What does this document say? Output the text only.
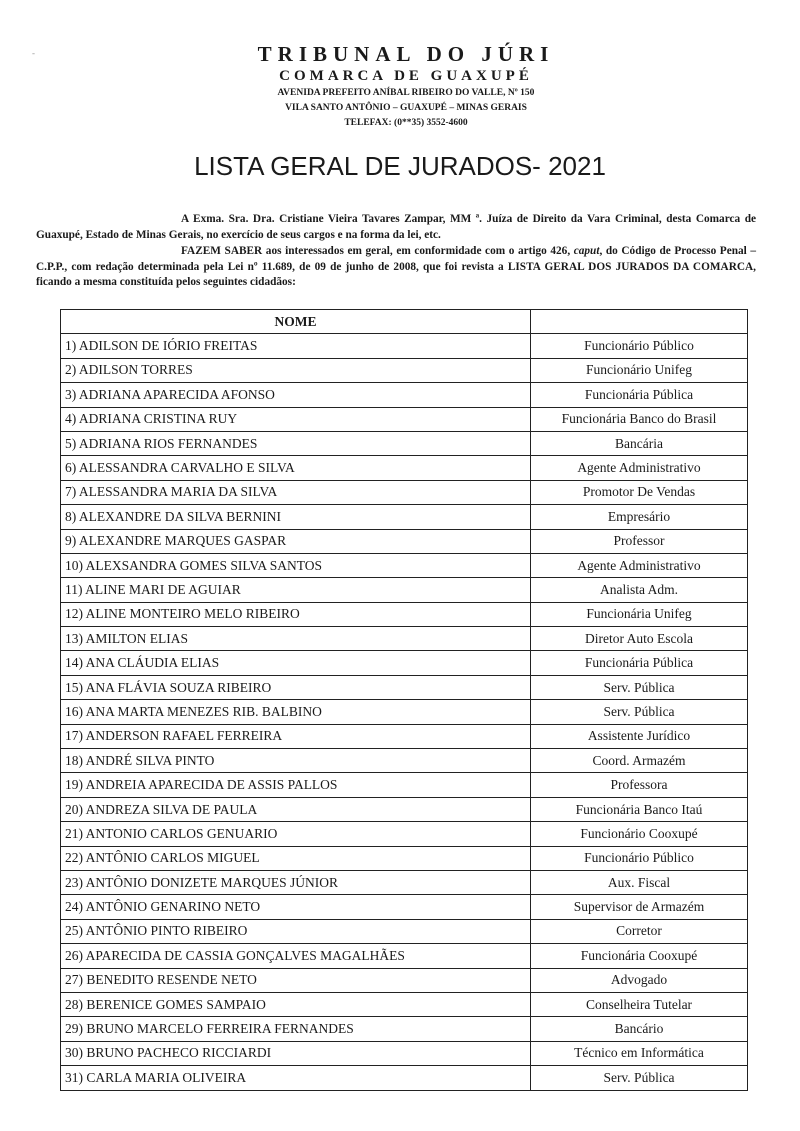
-	TRIBUNAL DO JÚRI
COMARCA DE GUAXUPÉ
AVENIDA PREFEITO ANÍBAL RIBEIRO DO VALLE, Nº 150
VILA SANTO ANTÔNIO – GUAXUPÉ – MINAS GERAIS
TELEFAX: (0**35) 3552-4600
LISTA GERAL DE JURADOS- 2021
A Exma. Sra. Dra. Cristiane Vieira Tavares Zampar, MM ª. Juíza de Direito da Vara Criminal, desta Comarca de Guaxupé, Estado de Minas Gerais, no exercício de seus cargos e na forma da lei, etc.
FAZEM SABER aos interessados em geral, em conformidade com o artigo 426, caput, do Código de Processo Penal – C.P.P., com redação determinada pela Lei nº 11.689, de 09 de junho de 2008, que foi revista a LISTA GERAL DOS JURADOS DA COMARCA, ficando a mesma constituída pelos seguintes cidadãos:
NOME	
1) ADILSON DE IÓRIO FREITAS	Funcionário Público
2) ADILSON TORRES	Funcionário Unifeg
3) ADRIANA APARECIDA AFONSO	Funcionária Pública
4) ADRIANA CRISTINA RUY	Funcionária Banco do Brasil
5) ADRIANA RIOS FERNANDES	Bancária
6) ALESSANDRA CARVALHO E SILVA	Agente Administrativo
7) ALESSANDRA MARIA DA SILVA	Promotor De Vendas
8) ALEXANDRE DA SILVA BERNINI	Empresário
9) ALEXANDRE MARQUES GASPAR	Professor
10) ALEXSANDRA GOMES SILVA SANTOS	Agente Administrativo
11) ALINE MARI DE AGUIAR	Analista Adm.
12) ALINE MONTEIRO MELO RIBEIRO	Funcionária Unifeg
13) AMILTON ELIAS	Diretor Auto Escola
14) ANA CLÁUDIA ELIAS	Funcionária Pública
15) ANA FLÁVIA SOUZA RIBEIRO	Serv. Pública
16) ANA MARTA MENEZES RIB. BALBINO	Serv. Pública
17) ANDERSON RAFAEL FERREIRA	Assistente Jurídico
18) ANDRÉ SILVA PINTO	Coord. Armazém
19) ANDREIA APARECIDA DE ASSIS PALLOS	Professora
20) ANDREZA SILVA DE PAULA	Funcionária Banco Itaú
21) ANTONIO CARLOS GENUARIO	Funcionário Cooxupé
22) ANTÔNIO CARLOS MIGUEL	Funcionário Público
23) ANTÔNIO DONIZETE MARQUES JÚNIOR	Aux. Fiscal
24) ANTÔNIO GENARINO NETO	Supervisor de Armazém
25) ANTÔNIO PINTO RIBEIRO	Corretor
26) APARECIDA DE CASSIA GONÇALVES MAGALHÃES	Funcionária Cooxupé
27) BENEDITO RESENDE NETO	Advogado
28) BERENICE GOMES SAMPAIO	Conselheira Tutelar
29) BRUNO MARCELO FERREIRA FERNANDES	Bancário
30) BRUNO PACHECO RICCIARDI	Técnico em Informática
31) CARLA MARIA OLIVEIRA	Serv. Pública
